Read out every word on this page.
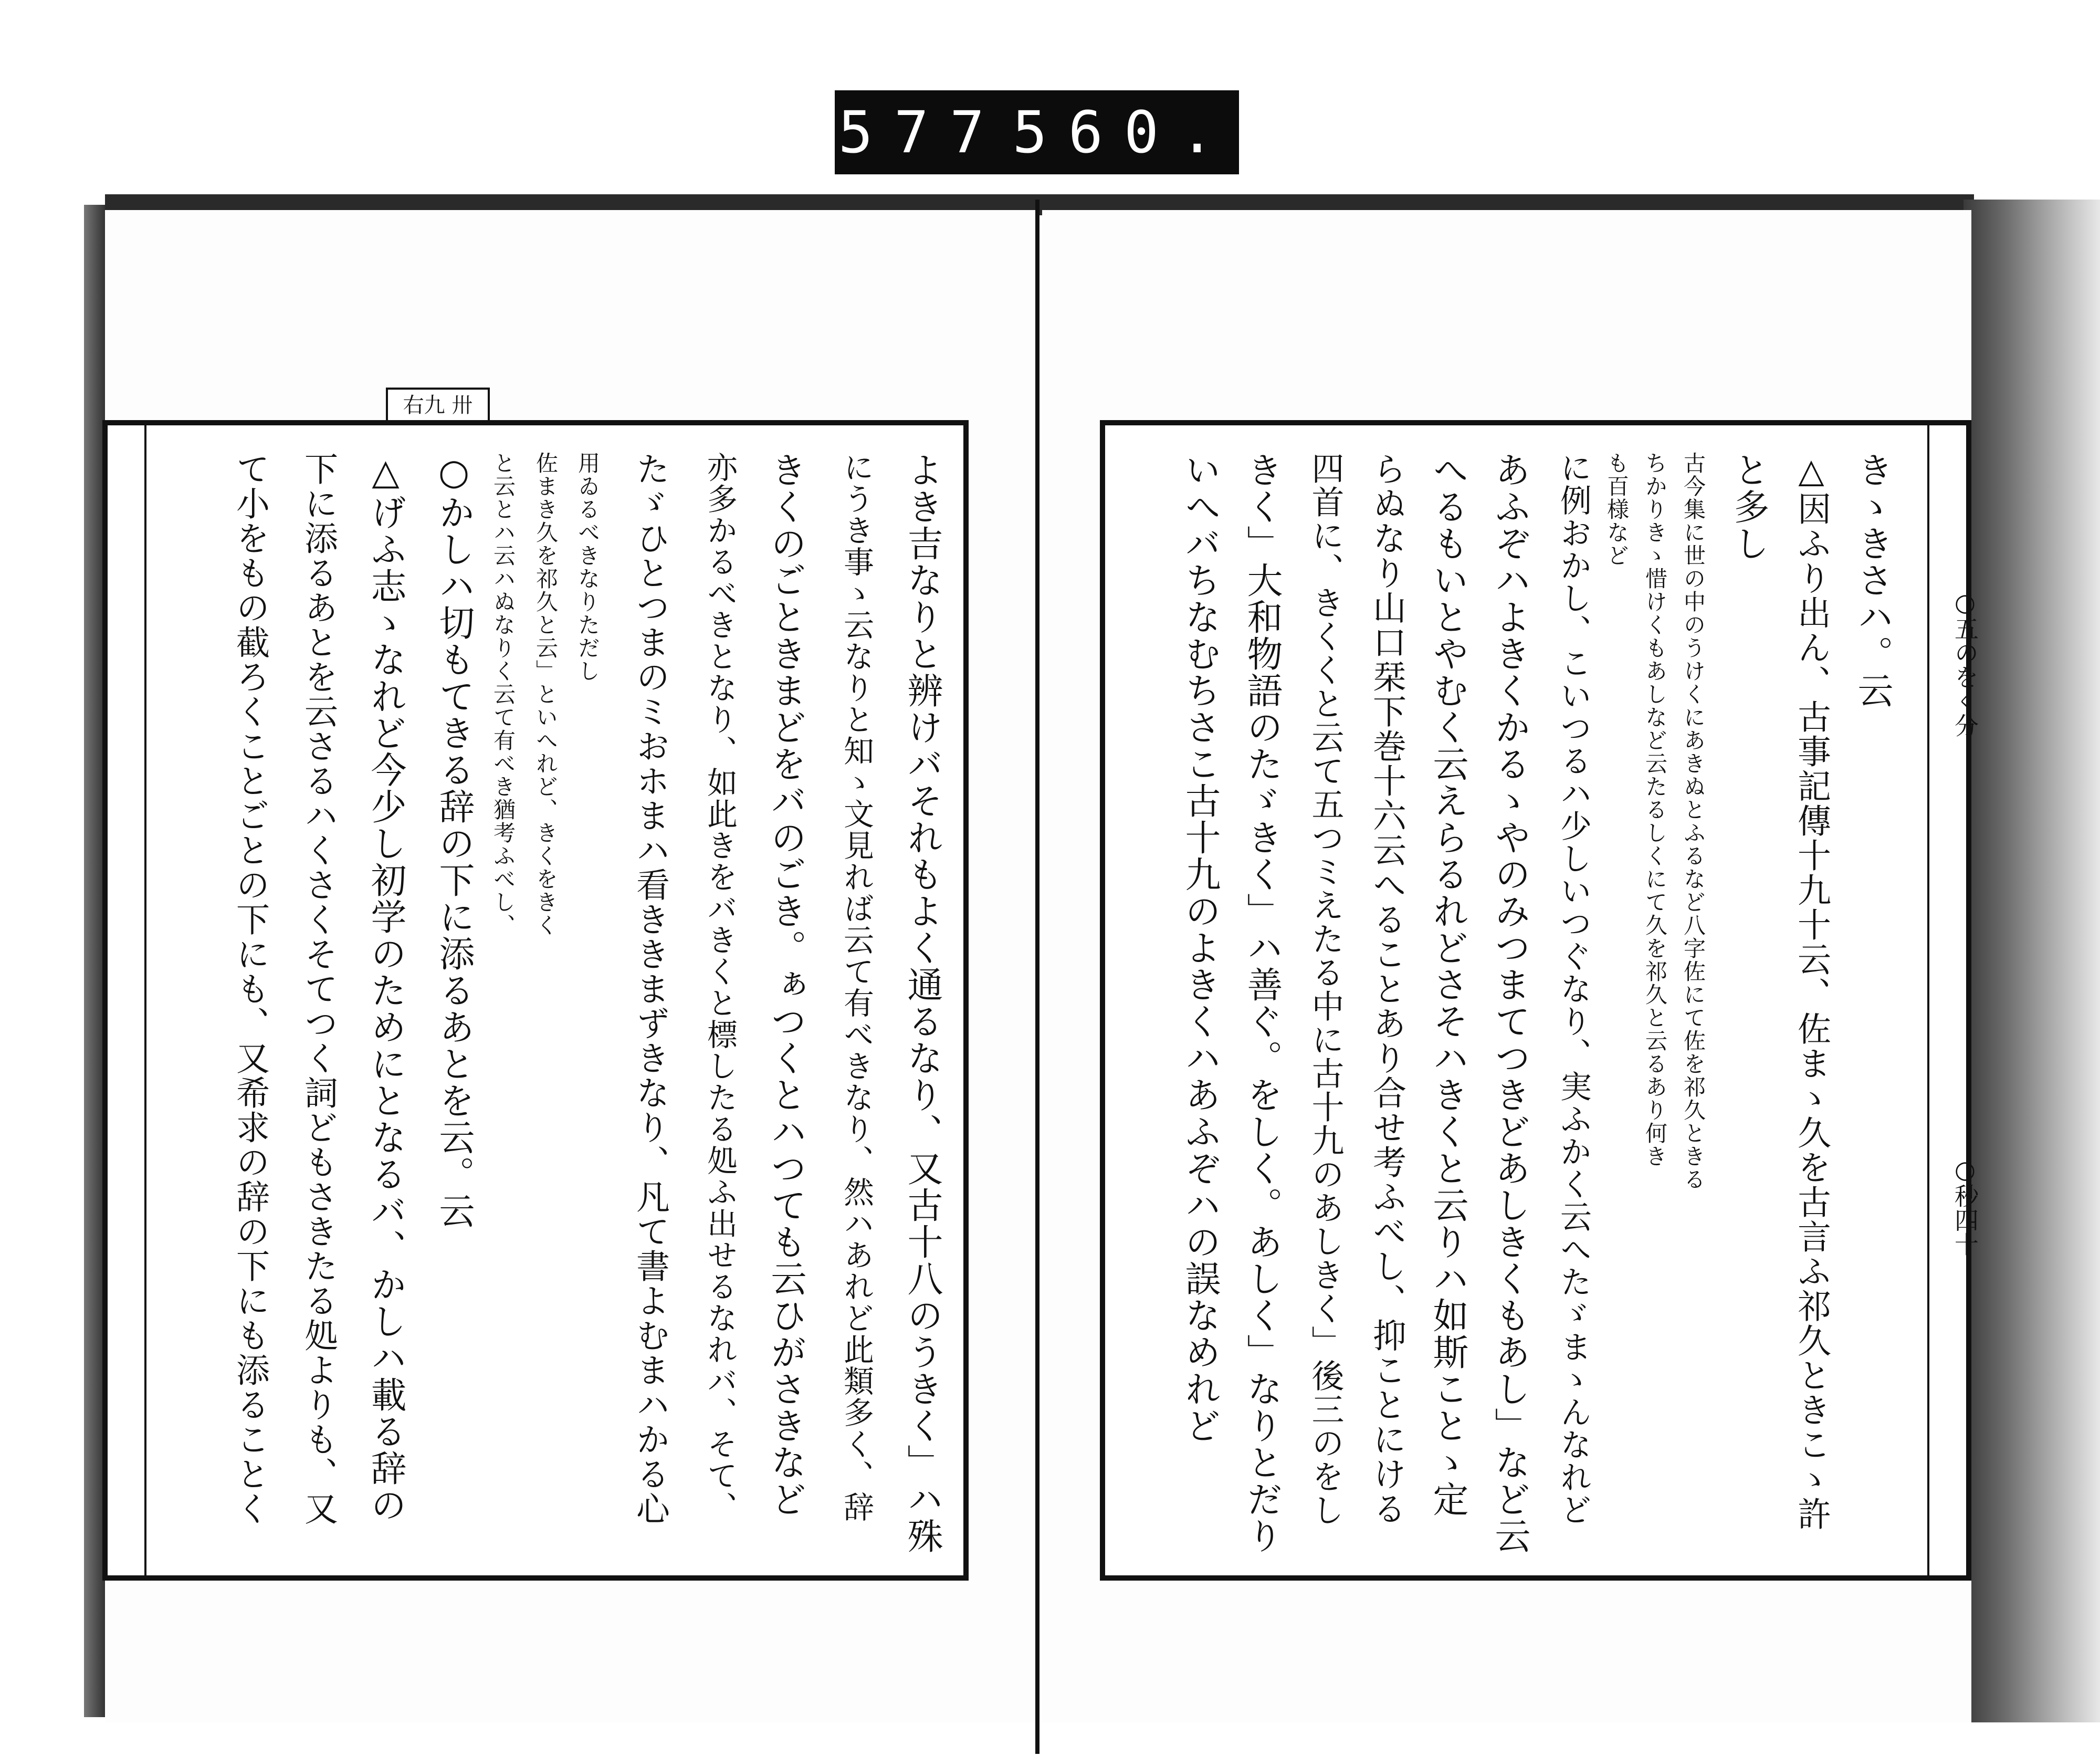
577 560.
右九 卅
○五のをく分
○秒四十
きゝきさハ。云
△因ふり出ん、古事記傳十九十云、佐まゝ久を古言ふ祁久ときこゝ許
と多し
古今集に世の中のうけくにあきぬとふるなど八字佐にて佐を祁久ときる
ちかりきゝ惜けくもあしなど云たるしくにて久を祁久と云るあり何き
も百様など
に例おかし、こいつるハ少しいつぐなり、実ふかく云へたゞまゝんなれど
あふぞハよきくかるゝやのみつまてつきどあしきくもあし」など云
へるもいとやむく云えらるれどさそハきくと云りハ如斯ことゝ定
らぬなり山口栞下巻十六云へることあり合せ考ふべし、抑ことにける
四首に、きくくと云て五つミえたる中に古十九のあしきく」後三のをし
きく」大和物語のたゞきく」ハ善ぐ。をしく。あしく」なりとだり
いへバちなむちさこ古十九のよきくハあふぞハの誤なめれど
よき吉なりと辨けバそれもよく通るなり、又古十八のうきく」ハ殊
にうき事ゝ云なりと知ゝ文見れば云て有べきなり、然ハあれど此類多く、辞
きくのごときまどをバのごき。ぁつくとハつても云ひがさきなど
亦多かるべきとなり、如此きをバきくと標したる処ふ出せるなれバ、そて、
たゞひとつまのミおホまハ看ききまずきなり、凡て書よむまハかる心
用ゐるべきなりただし
佐まき久を祁久と云」といへれど、きくをきく
と云とハ云ハぬなりく云て有べき猶考ふべし、
○かしハ切もてきる辞の下に添るあとを云。云
△げふ志ゝなれど今少し初学のためにとなるバ、かしハ載る辞の
下に添るあとを云さるハくさくそてつく詞どもさきたる処よりも、又
て小をもの截ろくことごとの下にも、又希求の辞の下にも添ることく
